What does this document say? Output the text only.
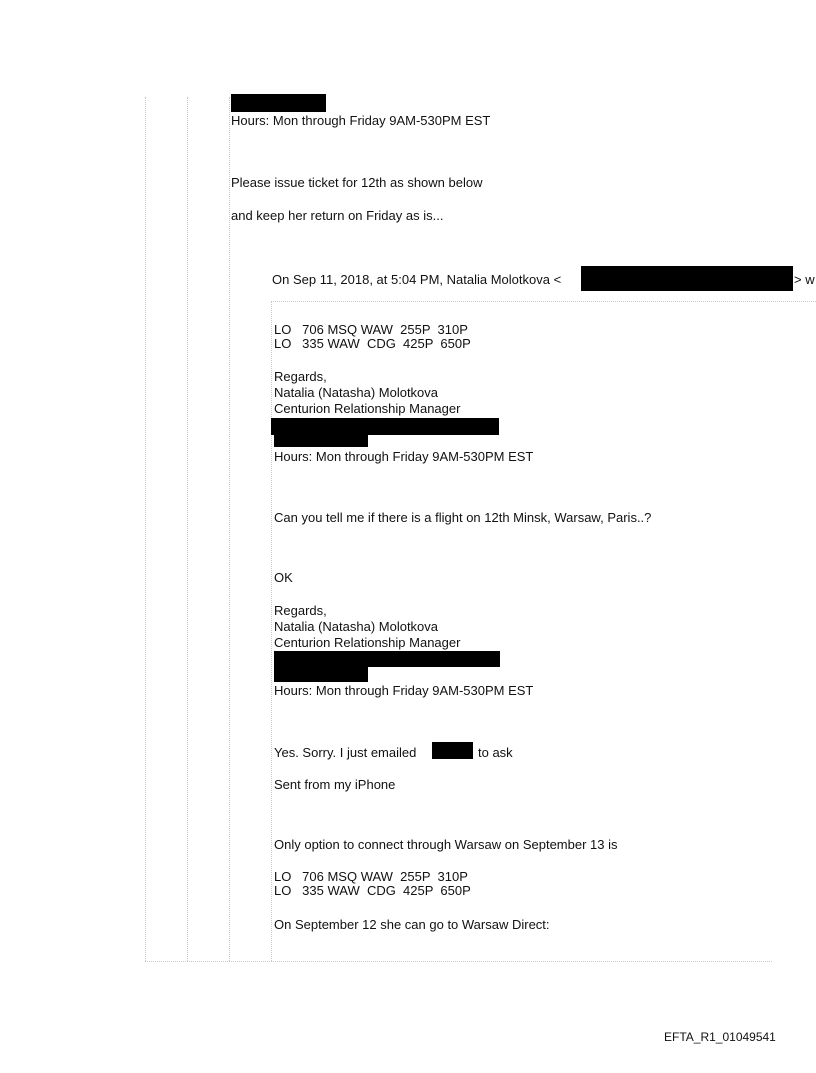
Hours: Mon through Friday 9AM-530PM EST
Please issue ticket for 12th as shown below
and keep her return on Friday as is...
On Sep 11, 2018, at 5:04 PM, Natalia Molotkova <	> w
LO   706 MSQ WAW  255P  310P
LO   335 WAW  CDG  425P  650P
Regards,
Natalia (Natasha) Molotkova
Centurion Relationship Manager
Hours: Mon through Friday 9AM-530PM EST
Can you tell me if there is a flight on 12th Minsk, Warsaw, Paris..?
OK
Regards,
Natalia (Natasha) Molotkova
Centurion Relationship Manager
Hours: Mon through Friday 9AM-530PM EST
Yes. Sorry. I just emailed	to ask
Sent from my iPhone
Only option to connect through Warsaw on September 13 is
LO   706 MSQ WAW  255P  310P
LO   335 WAW  CDG  425P  650P
On September 12 she can go to Warsaw Direct:
EFTA_R1_01049541
